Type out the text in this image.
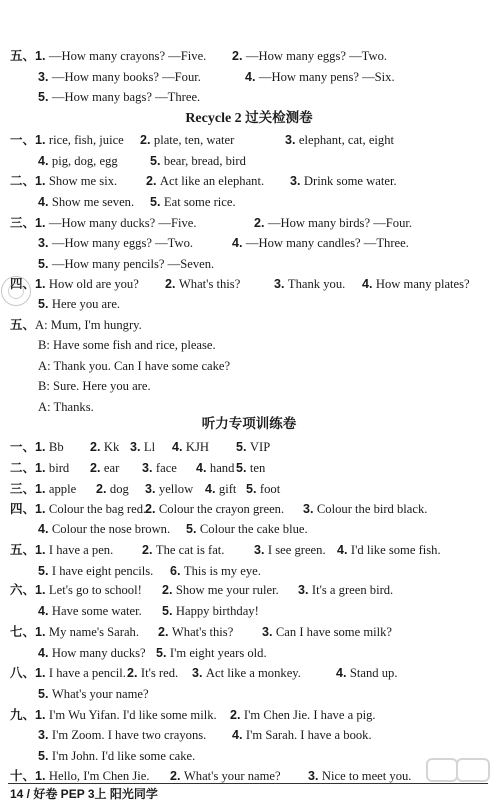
五、1. —How many crayons? —Five. 2. —How many eggs? —Two.
3. —How many books? —Four.	4. —How many pens? —Six.
5. —How many bags? —Three.
Recycle 2 过关检测卷
一、1. rice, fish, juice 2. plate, ten, water	3. elephant, cat, eight
4. pig, dog, egg	5. bear, bread, bird
二、1. Show me six. 2. Act like an elephant. 3. Drink some water.
4. Show me seven. 5. Eat some rice.
三、1. —How many ducks? —Five.	2. —How many birds? —Four.
3. —How many eggs? —Two.	4. —How many candles? —Three.
5. —How many pencils? —Seven.
四、1. How old are you? 2. What's this?	3. Thank you. 4. How many plates?
5. Here you are.
五、A: Mum, I'm hungry.
B: Have some fish and rice, please.
A: Thank you. Can I have some cake?
B: Sure. Here you are.
A: Thanks.
听力专项训练卷
一、1. Bb 2. Kk 3. Ll 4. KJH 5. VIP
二、1. bird 2. ear 3. face 4. hand 5. ten
三、1. apple 2. dog 3. yellow 4. gift 5. foot
四、1. Colour the bag red.
2. Colour the crayon green. 3. Colour the bird black.
4. Colour the nose brown. 5. Colour the cake blue.
五、1. I have a pen. 2. The cat is fat. 3. I see green. 4. I'd like some fish.
5. I have eight pencils. 6. This is my eye.
六、1. Let's go to school! 2. Show me your ruler. 3. It's a green bird.
4. Have some water. 5. Happy birthday!
七、1. My name's Sarah. 2. What's this? 3. Can I have some milk?
4. How many ducks? 5. I'm eight years old.
八、1. I have a pencil. 2. It's red. 3. Act like a monkey.	4. Stand up.
5. What's your name?
九、1. I'm Wu Yifan. I'd like some milk. 2. I'm Chen Jie. I have a pig.
3. I'm Zoom. I have two crayons. 4. I'm Sarah. I have a book.
5. I'm John. I'd like some cake.
十、1. Hello, I'm Chen Jie. 2. What's your name? 3. Nice to meet you.
14 / 好卷 PEP 3上 阳光同学
